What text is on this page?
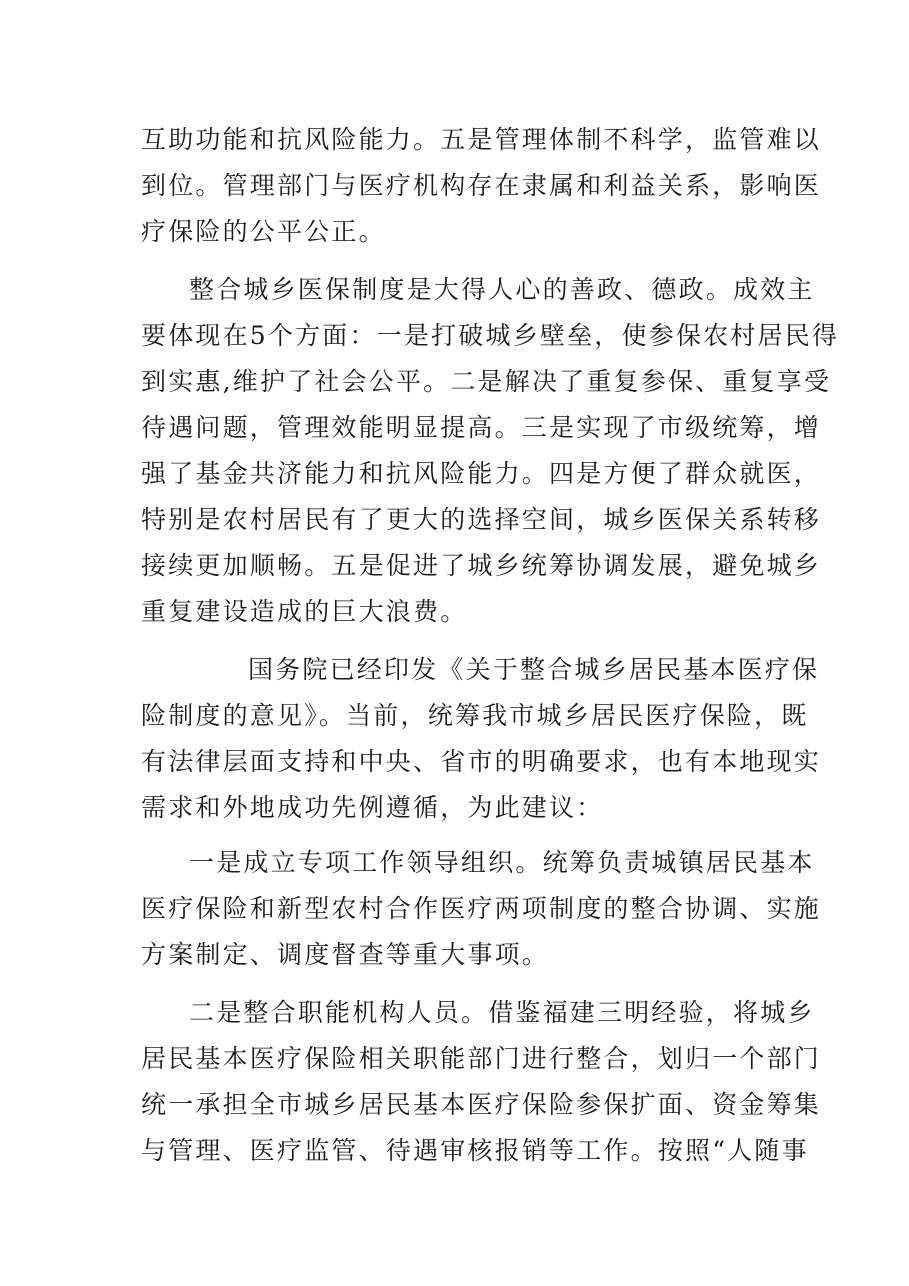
互助功能和抗风险能力。五是管理体制不科学，监管难以
到位。管理部门与医疗机构存在隶属和利益关系，影响医
疗保险的公平公正。
整合城乡医保制度是大得人心的善政、德政。成效主
要体现在5个方面：一是打破城乡壁垒，使参保农村居民得
到实惠,维护了社会公平。二是解决了重复参保、重复享受
待遇问题，管理效能明显提高。三是实现了市级统筹，增
强了基金共济能力和抗风险能力。四是方便了群众就医，
特别是农村居民有了更大的选择空间，城乡医保关系转移
接续更加顺畅。五是促进了城乡统筹协调发展，避免城乡
重复建设造成的巨大浪费。
国务院已经印发《关于整合城乡居民基本医疗保
险制度的意见》。当前，统筹我市城乡居民医疗保险，既
有法律层面支持和中央、省市的明确要求，也有本地现实
需求和外地成功先例遵循，为此建议：
一是成立专项工作领导组织。统筹负责城镇居民基本
医疗保险和新型农村合作医疗两项制度的整合协调、实施
方案制定、调度督查等重大事项。
二是整合职能机构人员。借鉴福建三明经验，将城乡
居民基本医疗保险相关职能部门进行整合，划归一个部门
统一承担全市城乡居民基本医疗保险参保扩面、资金筹集
与管理、医疗监管、待遇审核报销等工作。按照“人随事
